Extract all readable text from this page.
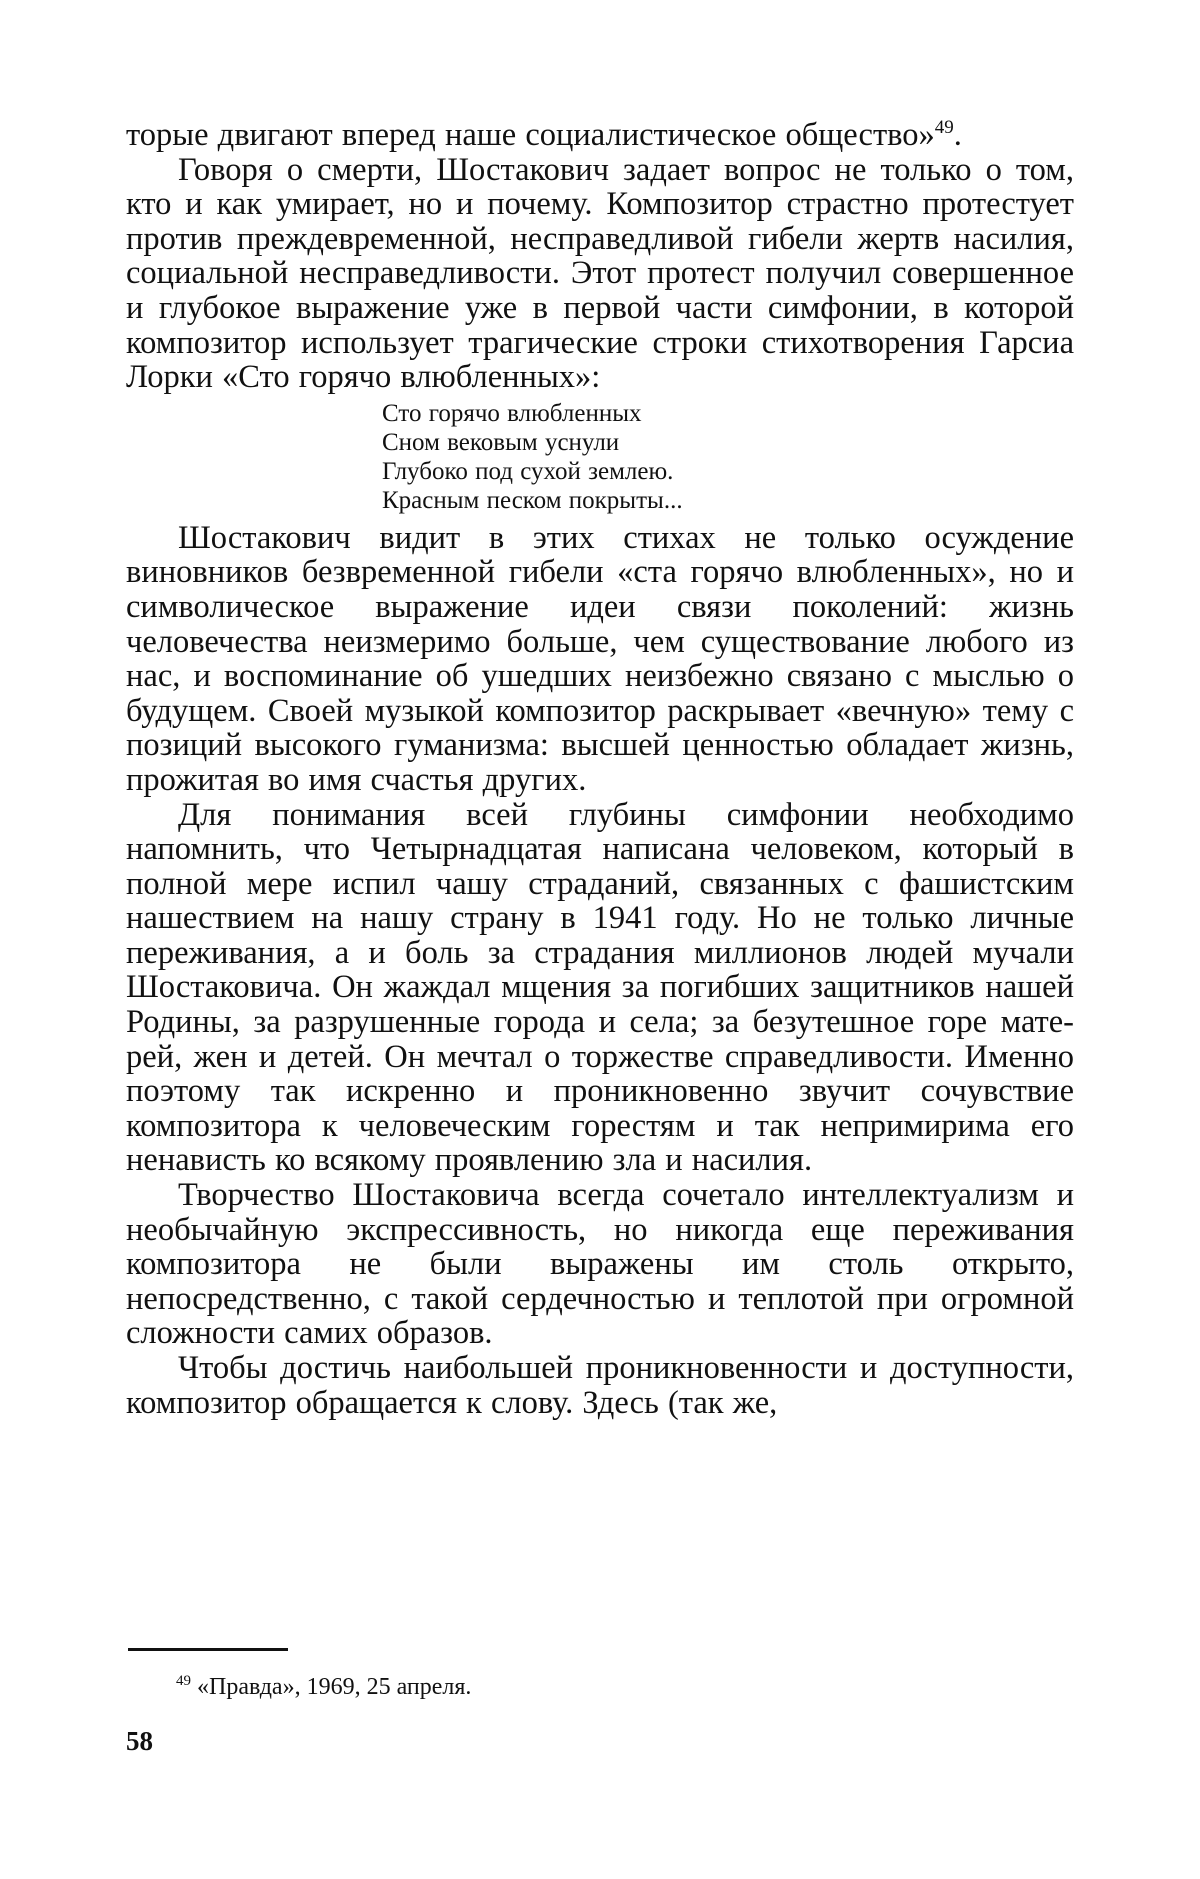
торые двигают вперед наше социалистическое общество»$^{49}$.

Говоря о смерти, Шостакович задает вопрос не только о том, кто и как умирает, но и почему. Композитор страстно протестует против преждевременной, несправедливой гибели жертв насилия, социальной несправедливости. Этот протест получил совершенное и глубокое выражение уже в первой части симфонии, в которой композитор использует трагические строки стихотворения Гарсиа Лорки «Сто горячо влюбленных»:

Сто горячо влюбленных
Сном вековым уснули
Глубоко под сухой землею.
Красным песком покрыты...

Шостакович видит в этих стихах не только осуждение виновников безвременной гибели «ста горячо влюбленных», но и символическое выражение идеи связи поколений: жизнь человечества неизмеримо больше, чем существование любого из нас, и воспоминание об ушедших неизбежно связано с мыслью о будущем. Своей музыкой композитор раскрывает «вечную» тему с позиций высокого гуманизма: высшей ценностью обладает жизнь, прожитая во имя счастья других.

Для понимания всей глубины симфонии необходимо напомнить, что Четырнадцатая написана человеком, который в полной мере испил чашу страданий, связанных с фашистским нашествием на нашу страну в 1941 году. Но не только личные переживания, а и боль за страдания миллионов людей мучали Шостаковича. Он жаждал мщения за погибших защитников нашей Родины, за разрушенные города и села; за безутешное горе матерей, жен и детей. Он мечтал о торжестве справедливости. Именно поэтому так искренно и проникновенно звучит сочувствие композитора к человеческим горестям и так непримирима его ненависть ко всякому проявлению зла и насилия.

Творчество Шостаковича всегда сочетало интеллектуализм и необычайную экспрессивность, но никогда еще переживания композитора не были выражены им столь открыто, непосредственно, с такой сердечностью и теплотой при огромной сложности самих образов.

Чтобы достичь наибольшей проникновенности и доступности, композитор обращается к слову. Здесь (так же,

$^{49}$ «Правда», 1969, 25 апреля.
58
